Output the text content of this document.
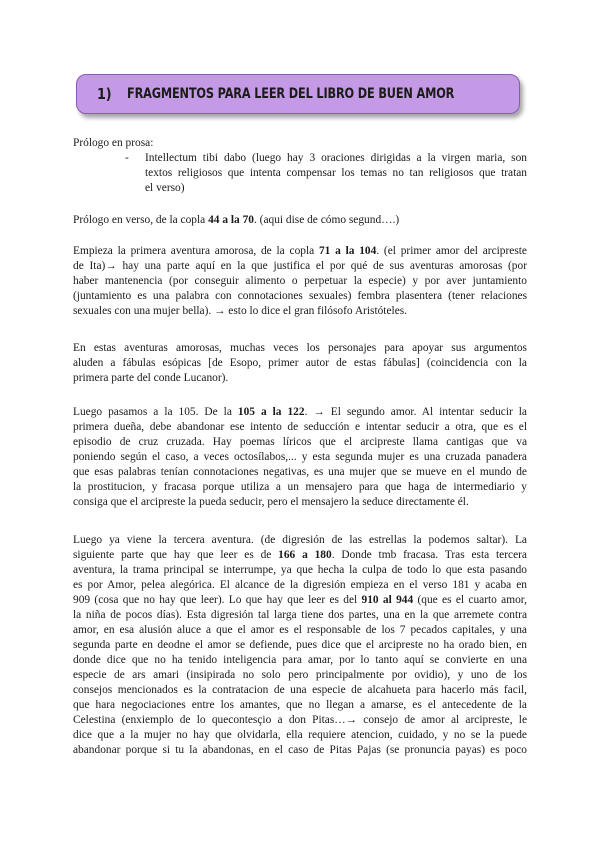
1) FRAGMENTOS PARA LEER DEL LIBRO DE BUEN AMOR
Prólogo en prosa:
- Intellectum tibi dabo (luego hay 3 oraciones dirigidas a la virgen maria, son
textos religiosos que intenta compensar los temas no tan religiosos que tratan
el verso)
Prólogo en verso, de la copla 44 a la 70. (aqui dise de cómo segund….)
Empieza la primera aventura amorosa, de la copla 71 a la 104. (el primer amor del arcipreste
de Ita)→ hay una parte aquí en la que justifica el por qué de sus aventuras amorosas (por
haber mantenencia (por conseguir alimento o perpetuar la especie) y por aver juntamiento
(juntamiento es una palabra con connotaciones sexuales) fembra plasentera (tener relaciones
sexuales con una mujer bella). → esto lo dice el gran filósofo Aristóteles.
En estas aventuras amorosas, muchas veces los personajes para apoyar sus argumentos
aluden a fábulas esópicas [de Esopo, primer autor de estas fábulas] (coincidencia con la
primera parte del conde Lucanor).
Luego pasamos a la 105. De la 105 a la 122. → El segundo amor. Al intentar seducir la
primera dueña, debe abandonar ese intento de seducción e intentar seducir a otra, que es el
episodio de cruz cruzada. Hay poemas líricos que el arcipreste llama cantigas que va
poniendo según el caso, a veces octosílabos,... y esta segunda mujer es una cruzada panadera
que esas palabras tenían connotaciones negativas, es una mujer que se mueve en el mundo de
la prostitucion, y fracasa porque utiliza a un mensajero para que haga de intermediario y
consiga que el arcipreste la pueda seducir, pero el mensajero la seduce directamente él.
Luego ya viene la tercera aventura. (de digresión de las estrellas la podemos saltar). La
siguiente parte que hay que leer es de 166 a 180. Donde tmb fracasa. Tras esta tercera
aventura, la trama principal se interrumpe, ya que hecha la culpa de todo lo que esta pasando
es por Amor, pelea alegórica. El alcance de la digresión empieza en el verso 181 y acaba en
909 (cosa que no hay que leer). Lo que hay que leer es del 910 al 944 (que es el cuarto amor,
la niña de pocos días). Esta digresión tal larga tiene dos partes, una en la que arremete contra
amor, en esa alusión aluce a que el amor es el responsable de los 7 pecados capitales, y una
segunda parte en deodne el amor se defiende, pues dice que el arcipreste no ha orado bien, en
donde dice que no ha tenido inteligencia para amar, por lo tanto aquí se convierte en una
especie de ars amari (insipirada no solo pero principalmente por ovidio), y uno de los
consejos mencionados es la contratacion de una especie de alcahueta para hacerlo más facil,
que hara negociaciones entre los amantes, que no llegan a amarse, es el antecedente de la
Celestina (enxiemplo de lo quecontesçio a don Pitas…→ consejo de amor al arcipreste, le
dice que a la mujer no hay que olvidarla, ella requiere atencion, cuidado, y no se la puede
abandonar porque si tu la abandonas, en el caso de Pitas Pajas (se pronuncia payas) es poco
